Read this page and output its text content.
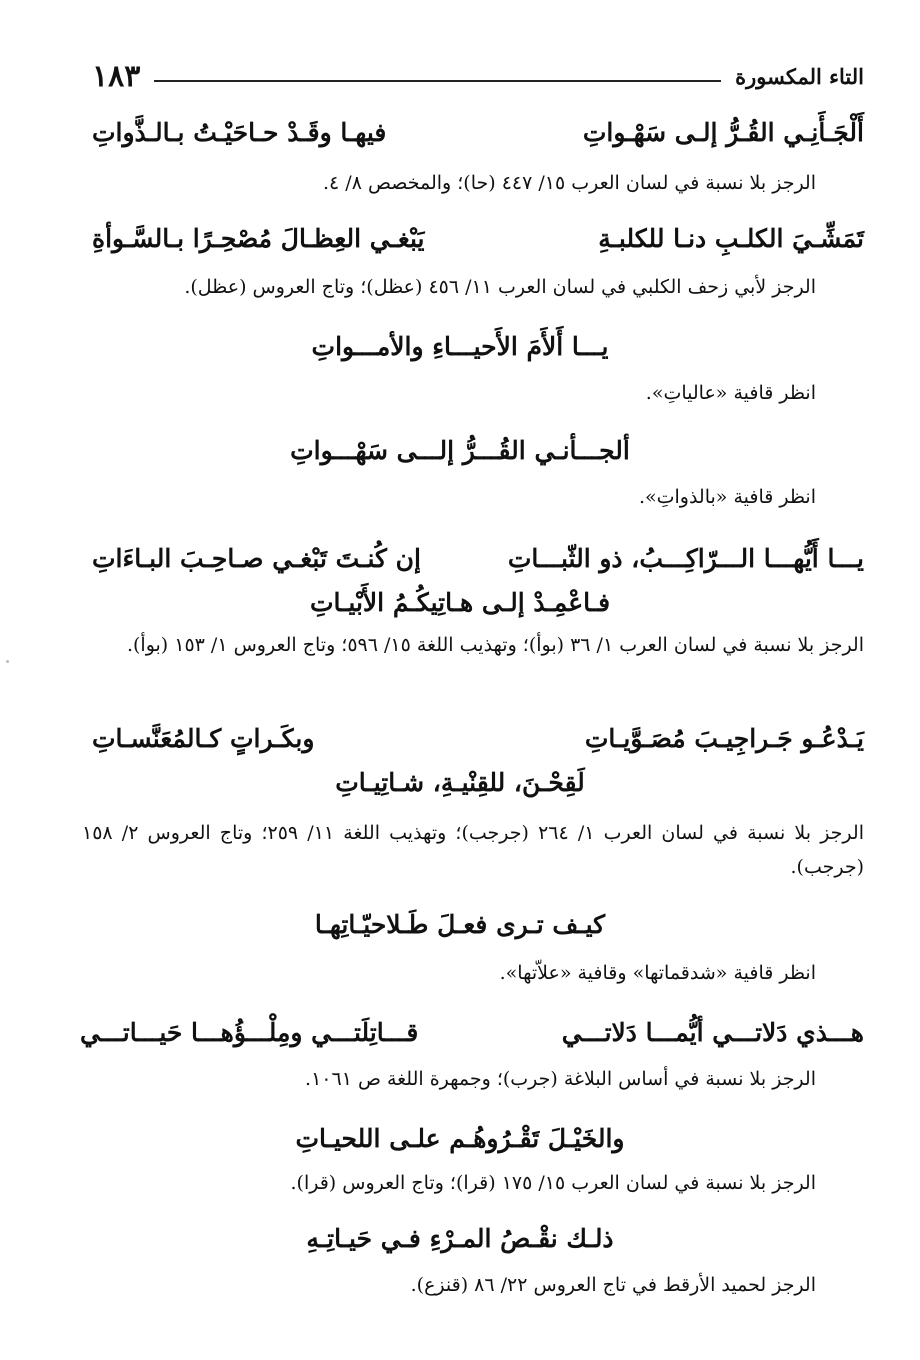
التاء المكسورة
١٨٣
أَلْجَـأَنِـي القُـرُّ إلـى سَهْـواتِ
فيهـا وقَـدْ حـاحَيْـتُ بـالـذَّواتِ
الرجز بلا نسبة في لسان العرب ١٥/ ٤٤٧ (حا)؛ والمخصص ٨/ ٤.
تَمَشِّـيَ الكلـبِ دنـا للكلبـةِ
يَبْغـي العِظـالَ مُصْحِـرًا بـالسَّـوأةِ
الرجز لأبي زحف الكلبي في لسان العرب ١١/ ٤٥٦ (عظل)؛ وتاج العروس (عظل).
يـــا أَلأَمَ الأَحيـــاءِ والأمـــواتِ
انظر قافية «عالياتِ».
ألجـــأنـي القُـــرُّ إلـــى سَهْـــواتِ
انظر قافية «بالذواتِ».
يـــا أَيُّهـــا الـــرّاكِـــبُ، ذو الثّبـــاتِ
إن كُنـتَ تَبْغـي صـاحِـبَ البـاءَاتِ
فـاعْمِـدْ إلـى هـاتِيكُـمُ الأَبْيـاتِ
الرجز بلا نسبة في لسان العرب ١/ ٣٦ (بوأ)؛ وتهذيب اللغة ١٥/ ٥٩٦؛ وتاج العروس ١/ ١٥٣ (بوأ).
يَـدْعُـو جَـراجِيـبَ مُصَـوَّيـاتِ
وبكَـراتٍ كـالمُعَنَّسـاتِ
لَقِحْـنَ، للقِنْيـةِ، شـاتِيـاتِ
الرجز بلا نسبة في لسان العرب ١/ ٢٦٤ (جرجب)؛ وتهذيب اللغة ١١/ ٢٥٩؛ وتاج العروس ٢/ ١٥٨ (جرجب).
كيـف تـرى فعـلَ طَـلاحيّـاتِهـا
انظر قافية «شدقماتها» وقافية «علاّتها».
هـــذي دَلاتـــي أيُّمـــا دَلاتـــي
قـــاتِلَتـــي ومِلْـــؤُهـــا حَيـــاتـــي
الرجز بلا نسبة في أساس البلاغة (جرب)؛ وجمهرة اللغة ص ١٠٦١.
والخَيْـلَ تَقْـرُوهُـم علـى اللحيـاتِ
الرجز بلا نسبة في لسان العرب ١٥/ ١٧٥ (قرا)؛ وتاج العروس (قرا).
ذلـك نقْـصُ المـرْءِ فـي حَيـاتِـهِ
الرجز لحميد الأرقط في تاج العروس ٢٢/ ٨٦ (قنزع).
